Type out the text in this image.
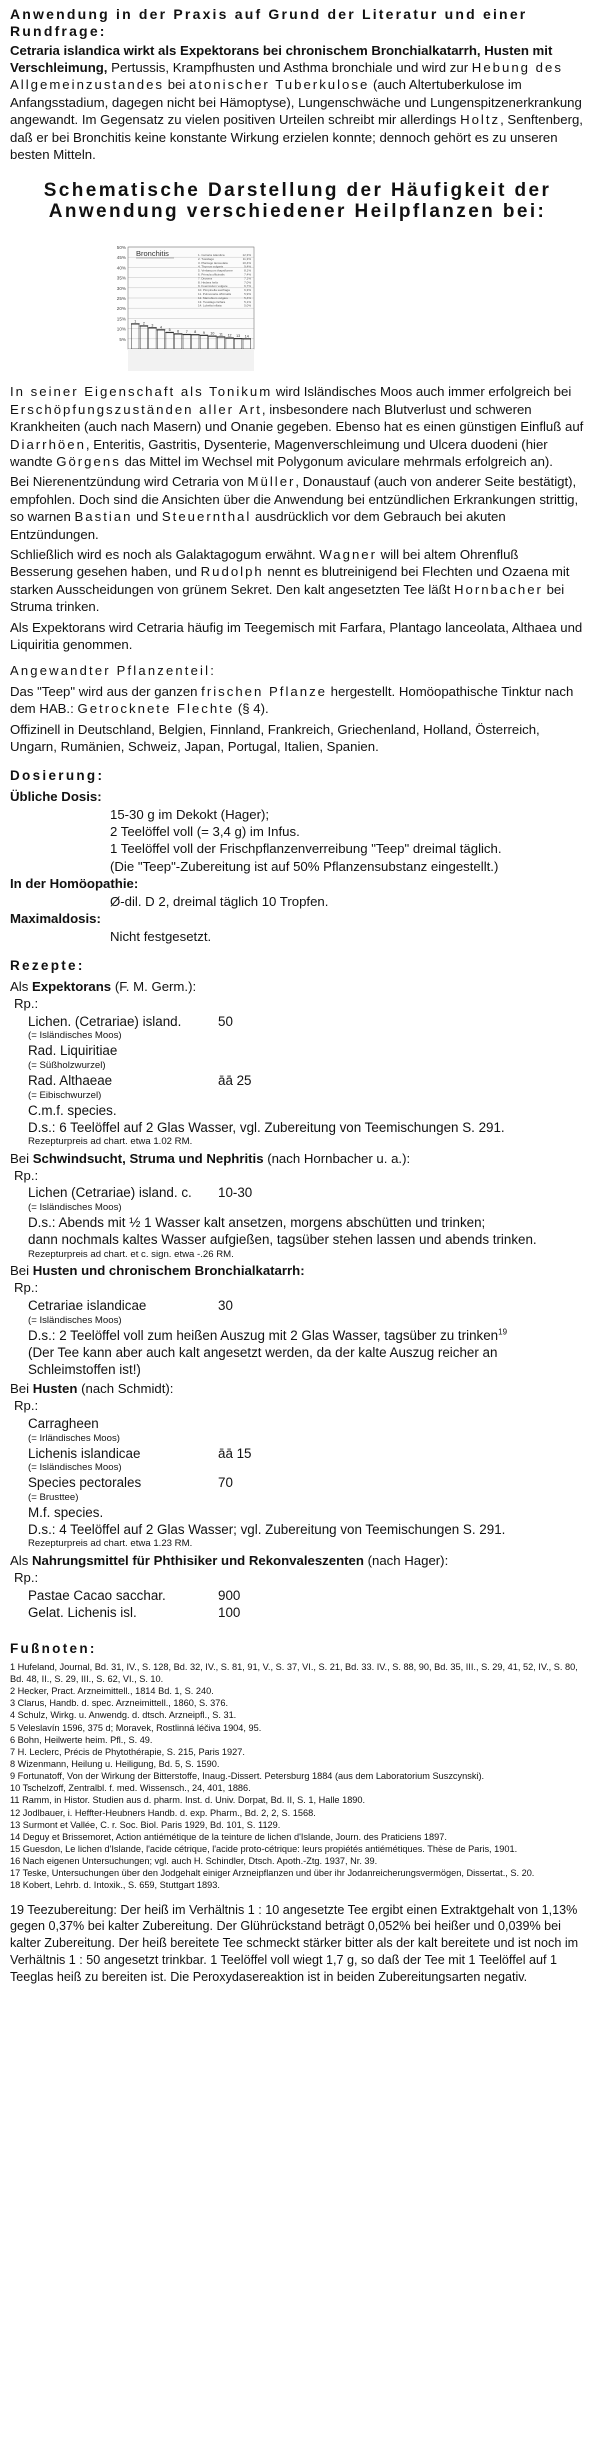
Anwendung in der Praxis auf Grund der Literatur und einer Rundfrage:

Cetraria islandica wirkt als Expektorans bei chronischem Bronchialkatarrh, Husten mit Verschleimung, Pertussis, Krampfhusten und Asthma bronchiale und wird zur Hebung des Allgemeinzustandes bei atonischer Tuberkulose (auch Altertuberkulose im Anfangsstadium, dagegen nicht bei Hämoptyse), Lungenschwäche und Lungenspitzenerkrankung angewandt. Im Gegensatz zu vielen positiven Urteilen schreibt mir allerdings Holtz, Senftenberg, daß er bei Bronchitis keine konstante Wirkung erzielen konnte; dennoch gehört es zu unseren besten Mitteln.

Schematische Darstellung der Häufigkeit der Anwendung verschiedener Heilpflanzen bei:
50%
45%
40%
35%
30%
25%
20%
15%
10%
5%
Bronchitis	1. Cetraria islandica	12,3%
2. Tussilago	11,3%
3. Plantago lanceolata	10,4%
4. Thymus vulgaris	9,4%
5. Verbascum thapsiforme	8,1%
6. Primula officinalis	7,4%
7. Drosera	7,1%
8. Hedera helix	7,0%
9. Foeniculum vulgare	6,7%
10. Pimpinella saxifraga	6,3%
11. Pulmonaria officinalis	5,9%
12. Marrubium vulgare	5,4%
13. Tussilago farfara	5,1%
14. Lobelia inflata	5,0%
1
2 3
4
5 6 7 8 9 10 11 12 13 14

In seiner Eigenschaft als Tonikum wird Isländisches Moos auch immer erfolgreich bei Erschöpfungszuständen aller Art, insbesondere nach Blutverlust und schweren Krankheiten (auch nach Masern) und Onanie gegeben. Ebenso hat es einen günstigen Einfluß auf Diarrhöen, Enteritis, Gastritis, Dysenterie, Magenverschleimung und Ulcera duodeni (hier wandte Görgens das Mittel im Wechsel mit Polygonum aviculare mehrmals erfolgreich an).

Bei Nierenentzündung wird Cetraria von Müller, Donaustauf (auch von anderer Seite bestätigt), empfohlen. Doch sind die Ansichten über die Anwendung bei entzündlichen Erkrankungen strittig, so warnen Bastian und Steuernthal ausdrücklich vor dem Gebrauch bei akuten Entzündungen.

Schließlich wird es noch als Galaktagogum erwähnt. Wagner will bei altem Ohrenfluß Besserung gesehen haben, und Rudolph nennt es blutreinigend bei Flechten und Ozaena mit starken Ausscheidungen von grünem Sekret. Den kalt angesetzten Tee läßt Hornbacher bei Struma trinken.

Als Expektorans wird Cetraria häufig im Teegemisch mit Farfara, Plantago lanceolata, Althaea und Liquiritia genommen.

Angewandter Pflanzenteil:

Das "Teep" wird aus der ganzen frischen Pflanze hergestellt. Homöopathische Tinktur nach dem HAB.: Getrocknete Flechte (§ 4).

Offizinell in Deutschland, Belgien, Finnland, Frankreich, Griechenland, Holland, Österreich, Ungarn, Rumänien, Schweiz, Japan, Portugal, Italien, Spanien.

Dosierung:
Übliche Dosis:
15-30 g im Dekokt (Hager);
2 Teelöffel voll (= 3,4 g) im Infus.
1 Teelöffel voll der Frischpflanzenverreibung "Teep" dreimal täglich.
(Die "Teep"-Zubereitung ist auf 50% Pflanzensubstanz eingestellt.)
In der Homöopathie:
Ø-dil. D 2, dreimal täglich 10 Tropfen.
Maximaldosis:
Nicht festgesetzt.
Rezepte:
Als Expektorans (F. M. Germ.):
Rp.:
Lichen. (Cetrariae) island.	50
(= Isländisches Moos)
Rad. Liquiritiae
(= Süßholzwurzel)
Rad. Althaeae	āā 25
(= Eibischwurzel)
C.m.f. species.
D.s.: 6 Teelöffel auf 2 Glas Wasser, vgl. Zubereitung von Teemischungen S. 291.
Rezepturpreis ad chart. etwa 1.02 RM.
Bei Schwindsucht, Struma und Nephritis (nach Hornbacher u. a.):
Rp.:
Lichen (Cetrariae) island. c.	10-30
(= Isländisches Moos)
D.s.: Abends mit ½ 1 Wasser kalt ansetzen, morgens abschütten und trinken;
dann nochmals kaltes Wasser aufgießen, tagsüber stehen lassen und abends trinken.
Rezepturpreis ad chart. et c. sign. etwa -.26 RM.
Bei Husten und chronischem Bronchialkatarrh:
Rp.:
Cetrariae islandicae	30
(= Isländisches Moos)
D.s.: 2 Teelöffel voll zum heißen Auszug mit 2 Glas Wasser, tagsüber zu trinken$^{19}$
(Der Tee kann aber auch kalt angesetzt werden, da der kalte Auszug reicher an Schleimstoffen ist!)
Bei Husten (nach Schmidt):
Rp.:
Carragheen
(= Irländisches Moos)
Lichenis islandicae	āā 15
(= Isländisches Moos)
Species pectorales	70
(= Brusttee)
M.f. species.
D.s.: 4 Teelöffel auf 2 Glas Wasser; vgl. Zubereitung von Teemischungen S. 291.
Rezepturpreis ad chart. etwa 1.23 RM.
Als Nahrungsmittel für Phthisiker und Rekonvaleszenten (nach Hager):
Rp.:
Pastae Cacao sacchar.	900
Gelat. Lichenis isl.	100
Fußnoten:

1 Hufeland, Journal, Bd. 31, IV., S. 128, Bd. 32, IV., S. 81, 91, V., S. 37, VI., S. 21, Bd. 33. IV., S. 88, 90, Bd. 35, III., S. 29, 41, 52, IV., S. 80, Bd. 48, II., S. 29, III., S. 62, VI., S. 10.

2 Hecker, Pract. Arzneimittell., 1814 Bd. 1, S. 240.

3 Clarus, Handb. d. spec. Arzneimittell., 1860, S. 376.

4 Schulz, Wirkg. u. Anwendg. d. dtsch. Arzneipfl., S. 31.

5 Veleslavín 1596, 375 d; Moravek, Rostlinná léčiva 1904, 95.

6 Bohn, Heilwerte heim. Pfl., S. 49.

7 H. Leclerc, Précis de Phytothérapie, S. 215, Paris 1927.

8 Wizenmann, Heilung u. Heiligung, Bd. 5, S. 1590.

9 Fortunatoff, Von der Wirkung der Bitterstoffe, Inaug.-Dissert. Petersburg 1884 (aus dem Laboratorium Suszcynski).

10 Tschelzoff, Zentralbl. f. med. Wissensch., 24, 401, 1886.

11 Ramm, in Histor. Studien aus d. pharm. Inst. d. Univ. Dorpat, Bd. II, S. 1, Halle 1890.

12 Jodlbauer, i. Heffter-Heubners Handb. d. exp. Pharm., Bd. 2, 2, S. 1568.

13 Surmont et Vallée, C. r. Soc. Biol. Paris 1929, Bd. 101, S. 1129.

14 Deguy et Brissemoret, Action antiémétique de la teinture de lichen d'Islande, Journ. des Praticiens 1897.

15 Guesdon, Le lichen d'Islande, l'acide cétrique, l'acide proto-cétrique: leurs propiétés antiémétiques. Thèse de Paris, 1901.

16 Nach eigenen Untersuchungen; vgl. auch H. Schindler, Dtsch. Apoth.-Ztg. 1937, Nr. 39.

17 Teske, Untersuchungen über den Jodgehalt einiger Arzneipflanzen und über ihr Jodanreicherungsvermögen, Dissertat., S. 20.

18 Kobert, Lehrb. d. Intoxik., S. 659, Stuttgart 1893.

19 Teezubereitung: Der heiß im Verhältnis 1 : 10 angesetzte Tee ergibt einen Extraktgehalt von 1,13% gegen 0,37% bei kalter Zubereitung. Der Glührückstand beträgt 0,052% bei heißer und 0,039% bei kalter Zubereitung. Der heiß bereitete Tee schmeckt stärker bitter als der kalt bereitete und ist noch im Verhältnis 1 : 50 angesetzt trinkbar. 1 Teelöffel voll wiegt 1,7 g, so daß der Tee mit 1 Teelöffel auf 1 Teeglas heiß zu bereiten ist. Die Peroxydasereaktion ist in beiden Zubereitungsarten negativ.
